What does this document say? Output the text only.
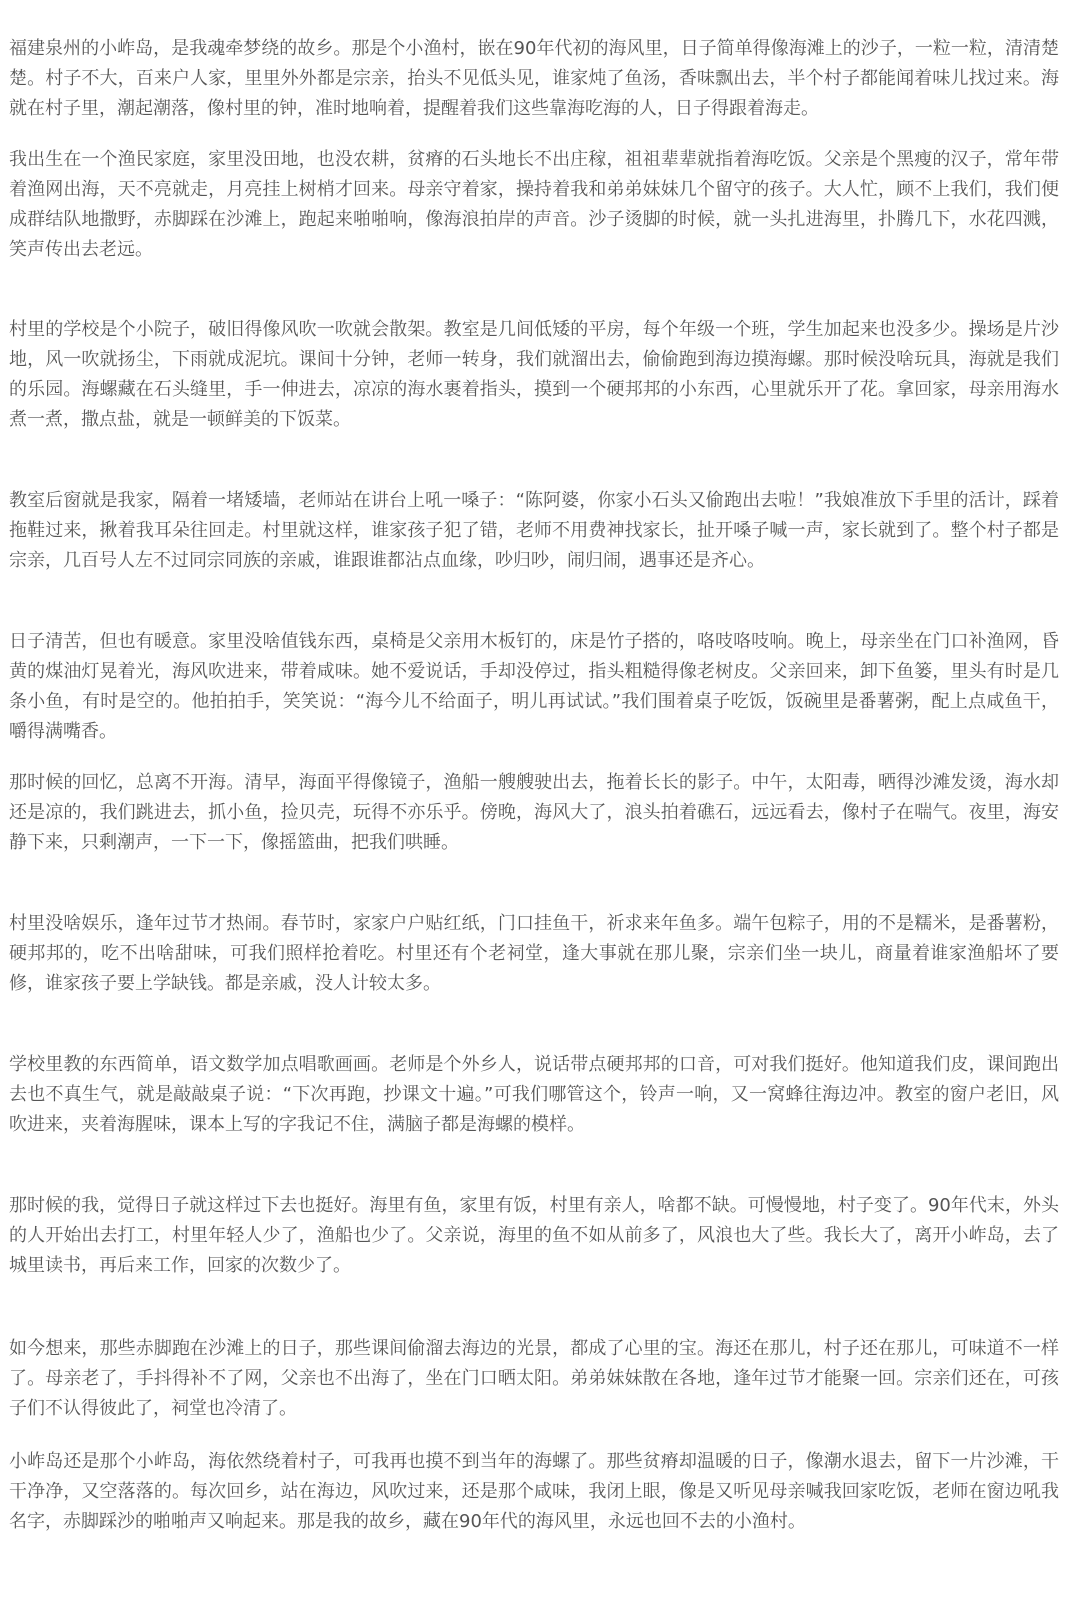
福建泉州的小岞岛，是我魂牵梦绕的故乡。那是个小渔村，嵌在90年代初的海风里，日子简单得像海滩上的沙子，一粒一粒，清清楚楚。村子不大，百来户人家，里里外外都是宗亲，抬头不见低头见，谁家炖了鱼汤，香味飘出去，半个村子都能闻着味儿找过来。海就在村子里，潮起潮落，像村里的钟，准时地响着，提醒着我们这些靠海吃海的人，日子得跟着海走。

我出生在一个渔民家庭，家里没田地，也没农耕，贫瘠的石头地长不出庄稼，祖祖辈辈就指着海吃饭。父亲是个黑瘦的汉子，常年带着渔网出海，天不亮就走，月亮挂上树梢才回来。母亲守着家，操持着我和弟弟妹妹几个留守的孩子。大人忙，顾不上我们，我们便成群结队地撒野，赤脚踩在沙滩上，跑起来啪啪响，像海浪拍岸的声音。沙子烫脚的时候，就一头扎进海里，扑腾几下，水花四溅，笑声传出去老远。

村里的学校是个小院子，破旧得像风吹一吹就会散架。教室是几间低矮的平房，每个年级一个班，学生加起来也没多少。操场是片沙地，风一吹就扬尘，下雨就成泥坑。课间十分钟，老师一转身，我们就溜出去，偷偷跑到海边摸海螺。那时候没啥玩具，海就是我们的乐园。海螺藏在石头缝里，手一伸进去，凉凉的海水裹着指头，摸到一个硬邦邦的小东西，心里就乐开了花。拿回家，母亲用海水煮一煮，撒点盐，就是一顿鲜美的下饭菜。

教室后窗就是我家，隔着一堵矮墙，老师站在讲台上吼一嗓子：“陈阿婆，你家小石头又偷跑出去啦！”我娘准放下手里的活计，踩着拖鞋过来，揪着我耳朵往回走。村里就这样，谁家孩子犯了错，老师不用费神找家长，扯开嗓子喊一声，家长就到了。整个村子都是宗亲，几百号人左不过同宗同族的亲戚，谁跟谁都沾点血缘，吵归吵，闹归闹，遇事还是齐心。

日子清苦，但也有暖意。家里没啥值钱东西，桌椅是父亲用木板钉的，床是竹子搭的，咯吱咯吱响。晚上，母亲坐在门口补渔网，昏黄的煤油灯晃着光，海风吹进来，带着咸味。她不爱说话，手却没停过，指头粗糙得像老树皮。父亲回来，卸下鱼篓，里头有时是几条小鱼，有时是空的。他拍拍手，笑笑说：“海今儿不给面子，明儿再试试。”我们围着桌子吃饭，饭碗里是番薯粥，配上点咸鱼干，嚼得满嘴香。

那时候的回忆，总离不开海。清早，海面平得像镜子，渔船一艘艘驶出去，拖着长长的影子。中午，太阳毒，晒得沙滩发烫，海水却还是凉的，我们跳进去，抓小鱼，捡贝壳，玩得不亦乐乎。傍晚，海风大了，浪头拍着礁石，远远看去，像村子在喘气。夜里，海安静下来，只剩潮声，一下一下，像摇篮曲，把我们哄睡。

村里没啥娱乐，逢年过节才热闹。春节时，家家户户贴红纸，门口挂鱼干，祈求来年鱼多。端午包粽子，用的不是糯米，是番薯粉，硬邦邦的，吃不出啥甜味，可我们照样抢着吃。村里还有个老祠堂，逢大事就在那儿聚，宗亲们坐一块儿，商量着谁家渔船坏了要修，谁家孩子要上学缺钱。都是亲戚，没人计较太多。

学校里教的东西简单，语文数学加点唱歌画画。老师是个外乡人，说话带点硬邦邦的口音，可对我们挺好。他知道我们皮，课间跑出去也不真生气，就是敲敲桌子说：“下次再跑，抄课文十遍。”可我们哪管这个，铃声一响，又一窝蜂往海边冲。教室的窗户老旧，风吹进来，夹着海腥味，课本上写的字我记不住，满脑子都是海螺的模样。

那时候的我，觉得日子就这样过下去也挺好。海里有鱼，家里有饭，村里有亲人，啥都不缺。可慢慢地，村子变了。90年代末，外头的人开始出去打工，村里年轻人少了，渔船也少了。父亲说，海里的鱼不如从前多了，风浪也大了些。我长大了，离开小岞岛，去了城里读书，再后来工作，回家的次数少了。

如今想来，那些赤脚跑在沙滩上的日子，那些课间偷溜去海边的光景，都成了心里的宝。海还在那儿，村子还在那儿，可味道不一样了。母亲老了，手抖得补不了网，父亲也不出海了，坐在门口晒太阳。弟弟妹妹散在各地，逢年过节才能聚一回。宗亲们还在，可孩子们不认得彼此了，祠堂也冷清了。

小岞岛还是那个小岞岛，海依然绕着村子，可我再也摸不到当年的海螺了。那些贫瘠却温暖的日子，像潮水退去，留下一片沙滩，干干净净，又空落落的。每次回乡，站在海边，风吹过来，还是那个咸味，我闭上眼，像是又听见母亲喊我回家吃饭，老师在窗边吼我名字，赤脚踩沙的啪啪声又响起来。那是我的故乡，藏在90年代的海风里，永远也回不去的小渔村。
